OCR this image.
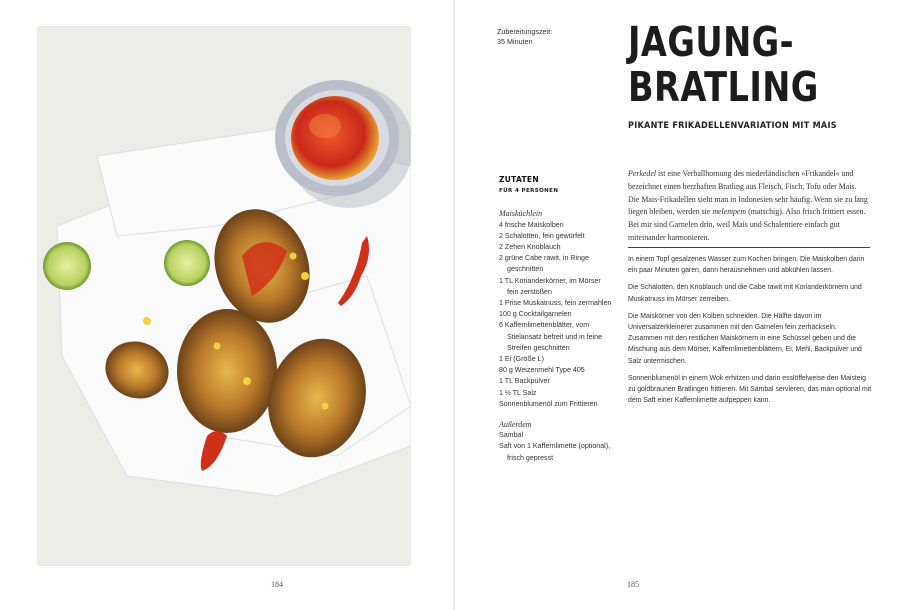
184
Zubereitungszeit:
35 Minuten	JAGUNG-
BRATLING
PIKANTE FRIKADELLENVARIATION MIT MAIS
ZUTATEN
FÜR 4 PERSONEN
Maisküchlein
4 frische Maiskolben
2 Schalotten, fein gewürfelt
2 Zehen Knoblauch
2 grüne Cabe rawit, in Ringe geschnitten
1 TL Korianderkörner, im Mörser fein zerstoßen
1 Prise Muskatnuss, fein zermahlen
100 g Cocktailgarnelen
6 Kaffernlimettenblätter, vom Stielansatz befreit und in feine Streifen geschnitten
1 Ei (Größe L)
80 g Weizenmehl Type 405
1 TL Backpulver
1 ½ TL Salz
Sonnenblumenöl zum Frittieren
Außerdem
Sambal
Saft von 1 Kaffernlimette (optional), frisch gepresst
Perkedel ist eine Verballhornung des niederländischen »Frikandel« und bezeichnet einen herzhaften Bratling aus Fleisch, Fisch, Tofu oder Mais. Die Mais-Frikadellen sieht man in Indonesien sehr häufig. Wenn sie zu lang liegen bleiben, werden sie melempem (matschig). Also frisch frittiert essen. Bei mir sind Garnelen drin, weil Mais und Schalentiere einfach gut miteinander harmonieren.

In einem Topf gesalzenes Wasser zum Kochen bringen. Die Maiskolben darin ein paar Minuten garen, dann herausnehmen und abkühlen lassen.

Die Schalotten, den Knoblauch und die Cabe rawit mit Korianderkörnern und Muskatnuss im Mörser zerreiben.

Die Maiskörner von den Kolben schneiden. Die Hälfte davon im Universalzerkleinerer zusammen mit den Garnelen fein zerhäckseln. Zusammen mit den restlichen Maiskörnern in eine Schüssel geben und die Mischung aus dem Mörser, Kaffernlimettenblättern, Ei, Mehl, Backpulver und Salz untermischen.

Sonnenblumenöl in einem Wok erhitzen und darin esslöffelweise den Maisteig zu goldbraunen Bratlingen frittieren. Mit Sambal servieren, das man optional mit dem Saft einer Kaffernlimette aufpeppen kann.

185
